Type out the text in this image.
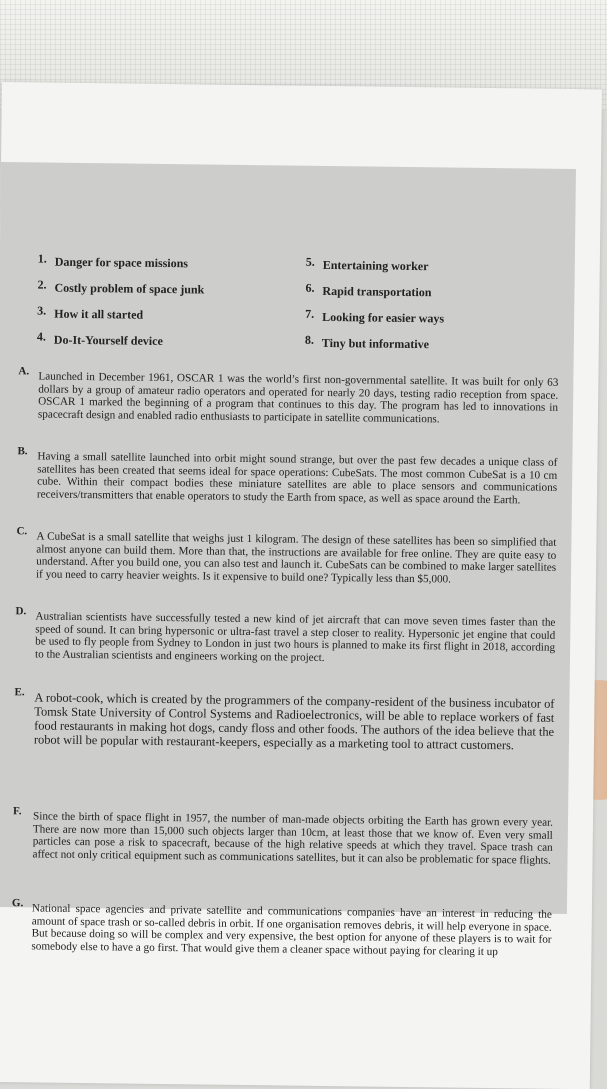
1. Danger for space missions
2. Costly problem of space junk
3. How it all started
4. Do-It-Yourself device
5. Entertaining worker
6. Rapid transportation
7. Looking for easier ways
8. Tiny but informative
A. Launched in December 1961, OSCAR 1 was the world’s first non-governmental satellite. It was built for only 63 dollars by a group of amateur radio operators and operated for nearly 20 days, testing radio reception from space. OSCAR 1 marked the beginning of a program that continues to this day. The program has led to innovations in spacecraft design and enabled radio enthusiasts to participate in satellite communications.
B. Having a small satellite launched into orbit might sound strange, but over the past few decades a unique class of satellites has been created that seems ideal for space operations: CubeSats. The most common CubeSat is a 10 cm cube. Within their compact bodies these miniature satellites are able to place sensors and communications receivers/transmitters that enable operators to study the Earth from space, as well as space around the Earth.
C. A CubeSat is a small satellite that weighs just 1 kilogram. The design of these satellites has been so simplified that almost anyone can build them. More than that, the instructions are available for free online. They are quite easy to understand. After you build one, you can also test and launch it. CubeSats can be combined to make larger satellites if you need to carry heavier weights. Is it expensive to build one? Typically less than $5,000.
D. Australian scientists have successfully tested a new kind of jet aircraft that can move seven times faster than the speed of sound. It can bring hypersonic or ultra-fast travel a step closer to reality. Hypersonic jet engine that could be used to fly people from Sydney to London in just two hours is planned to make its first flight in 2018, according to the Australian scientists and engineers working on the project.
E. A robot-cook, which is created by the programmers of the company-resident of the business incubator of Tomsk State University of Control Systems and Radioelectronics, will be able to replace workers of fast food restaurants in making hot dogs, candy floss and other foods. The authors of the idea believe that the robot will be popular with restaurant-keepers, especially as a marketing tool to attract customers.
F. Since the birth of space flight in 1957, the number of man-made objects orbiting the Earth has grown every year. There are now more than 15,000 such objects larger than 10cm, at least those that we know of. Even very small particles can pose a risk to spacecraft, because of the high relative speeds at which they travel. Space trash can affect not only critical equipment such as communications satellites, but it can also be problematic for space flights.
G. National space agencies and private satellite and communications companies have an interest in reducing the amount of space trash or so-called debris in orbit. If one organisation removes debris, it will help everyone in space. But because doing so will be complex and very expensive, the best option for anyone of these players is to wait for somebody else to have a go first. That would give them a cleaner space without paying for clearing it up
